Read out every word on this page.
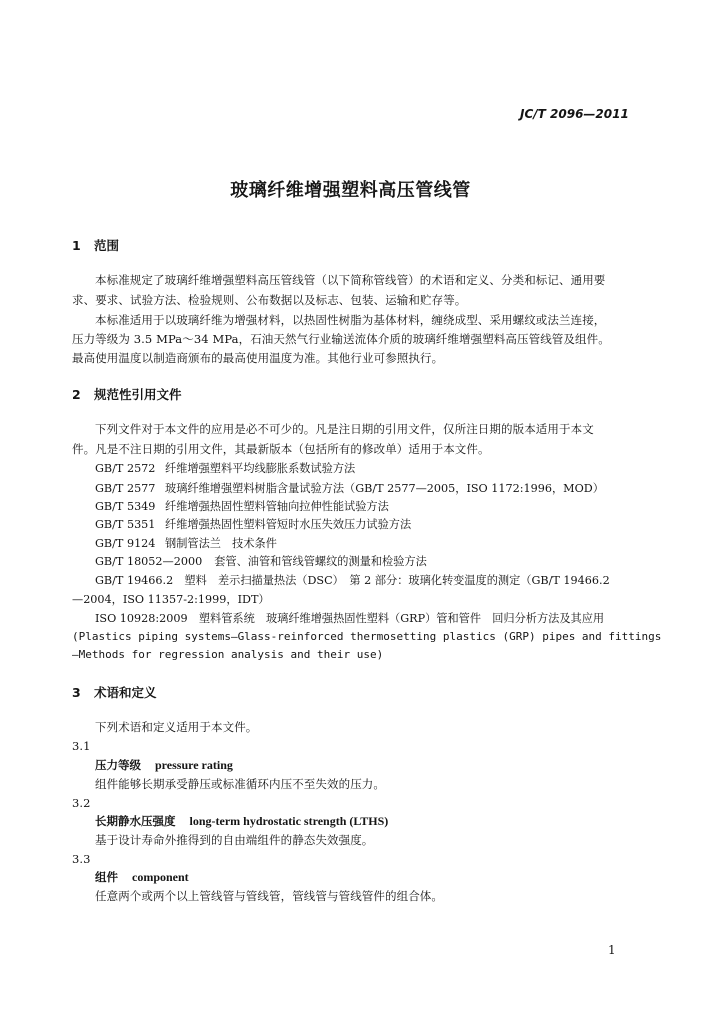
JC/T 2096—2011
玻璃纤维增强塑料高压管线管
1 范围
本标准规定了玻璃纤维增强塑料高压管线管（以下简称管线管）的术语和定义、分类和标记、通用要
求、要求、试验方法、检验规则、公布数据以及标志、包装、运输和贮存等。
本标准适用于以玻璃纤维为增强材料，以热固性树脂为基体材料，缠绕成型、采用螺纹或法兰连接，
压力等级为 3.5 MPa～34 MPa，石油天然气行业输送流体介质的玻璃纤维增强塑料高压管线管及组件。
最高使用温度以制造商颁布的最高使用温度为准。其他行业可参照执行。
2 规范性引用文件
下列文件对于本文件的应用是必不可少的。凡是注日期的引用文件，仅所注日期的版本适用于本文
件。凡是不注日期的引用文件，其最新版本（包括所有的修改单）适用于本文件。
GB/T 2572 纤维增强塑料平均线膨胀系数试验方法
GB/T 2577 玻璃纤维增强塑料树脂含量试验方法（GB/T 2577—2005，ISO 1172:1996，MOD）
GB/T 5349 纤维增强热固性塑料管轴向拉伸性能试验方法
GB/T 5351 纤维增强热固性塑料管短时水压失效压力试验方法
GB/T 9124 钢制管法兰　技术条件
GB/T 18052—2000 套管、油管和管线管螺纹的测量和检验方法
GB/T 19466.2　塑料　差示扫描量热法（DSC）　第 2 部分：玻璃化转变温度的测定（GB/T 19466.2
—2004，ISO 11357-2:1999，IDT）
ISO 10928:2009　塑料管系统　玻璃纤维增强热固性塑料（GRP）管和管件　回归分析方法及其应用
(Plastics piping systems—Glass-reinforced thermosetting plastics (GRP) pipes and fittings
—Methods for regression analysis and their use)
3 术语和定义
下列术语和定义适用于本文件。
3.1
压力等级 pressure rating
组件能够长期承受静压或标准循环内压不至失效的压力。
3.2
长期静水压强度 long-term hydrostatic strength (LTHS)
基于设计寿命外推得到的自由端组件的静态失效强度。
3.3
组件 component
任意两个或两个以上管线管与管线管，管线管与管线管件的组合体。
1
